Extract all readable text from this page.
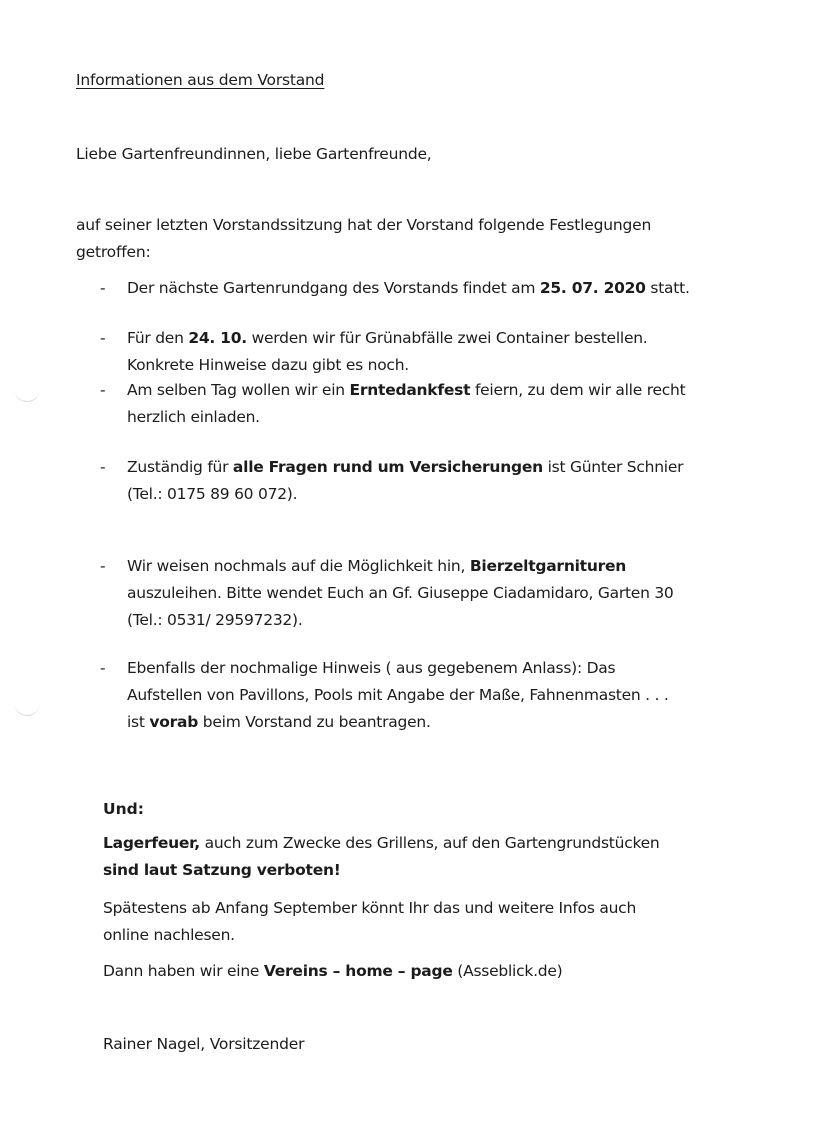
Informationen aus dem Vorstand
Liebe Gartenfreundinnen, liebe Gartenfreunde,
auf seiner letzten Vorstandssitzung hat der Vorstand folgende Festlegungen
getroffen:
-	Der nächste Gartenrundgang des Vorstands findet am 25. 07. 2020 statt.
-	Für den 24. 10. werden wir für Grünabfälle zwei Container bestellen.
Konkrete Hinweise dazu gibt es noch.
-	Am selben Tag wollen wir ein Erntedankfest feiern, zu dem wir alle recht
herzlich einladen.
-	Zuständig für alle Fragen rund um Versicherungen ist Günter Schnier
(Tel.: 0175 89 60 072).
-	Wir weisen nochmals auf die Möglichkeit hin, Bierzeltgarnituren
auszuleihen. Bitte wendet Euch an Gf. Giuseppe Ciadamidaro, Garten 30
(Tel.: 0531/ 29597232).
-	Ebenfalls der nochmalige Hinweis ( aus gegebenem Anlass): Das
Aufstellen von Pavillons, Pools mit Angabe der Maße, Fahnenmasten . . .
ist vorab beim Vorstand zu beantragen.
Und:
Lagerfeuer, auch zum Zwecke des Grillens, auf den Gartengrundstücken
sind laut Satzung verboten!
Spätestens ab Anfang September könnt Ihr das und weitere Infos auch
online nachlesen.
Dann haben wir eine Vereins – home – page (Asseblick.de)
Rainer Nagel, Vorsitzender
